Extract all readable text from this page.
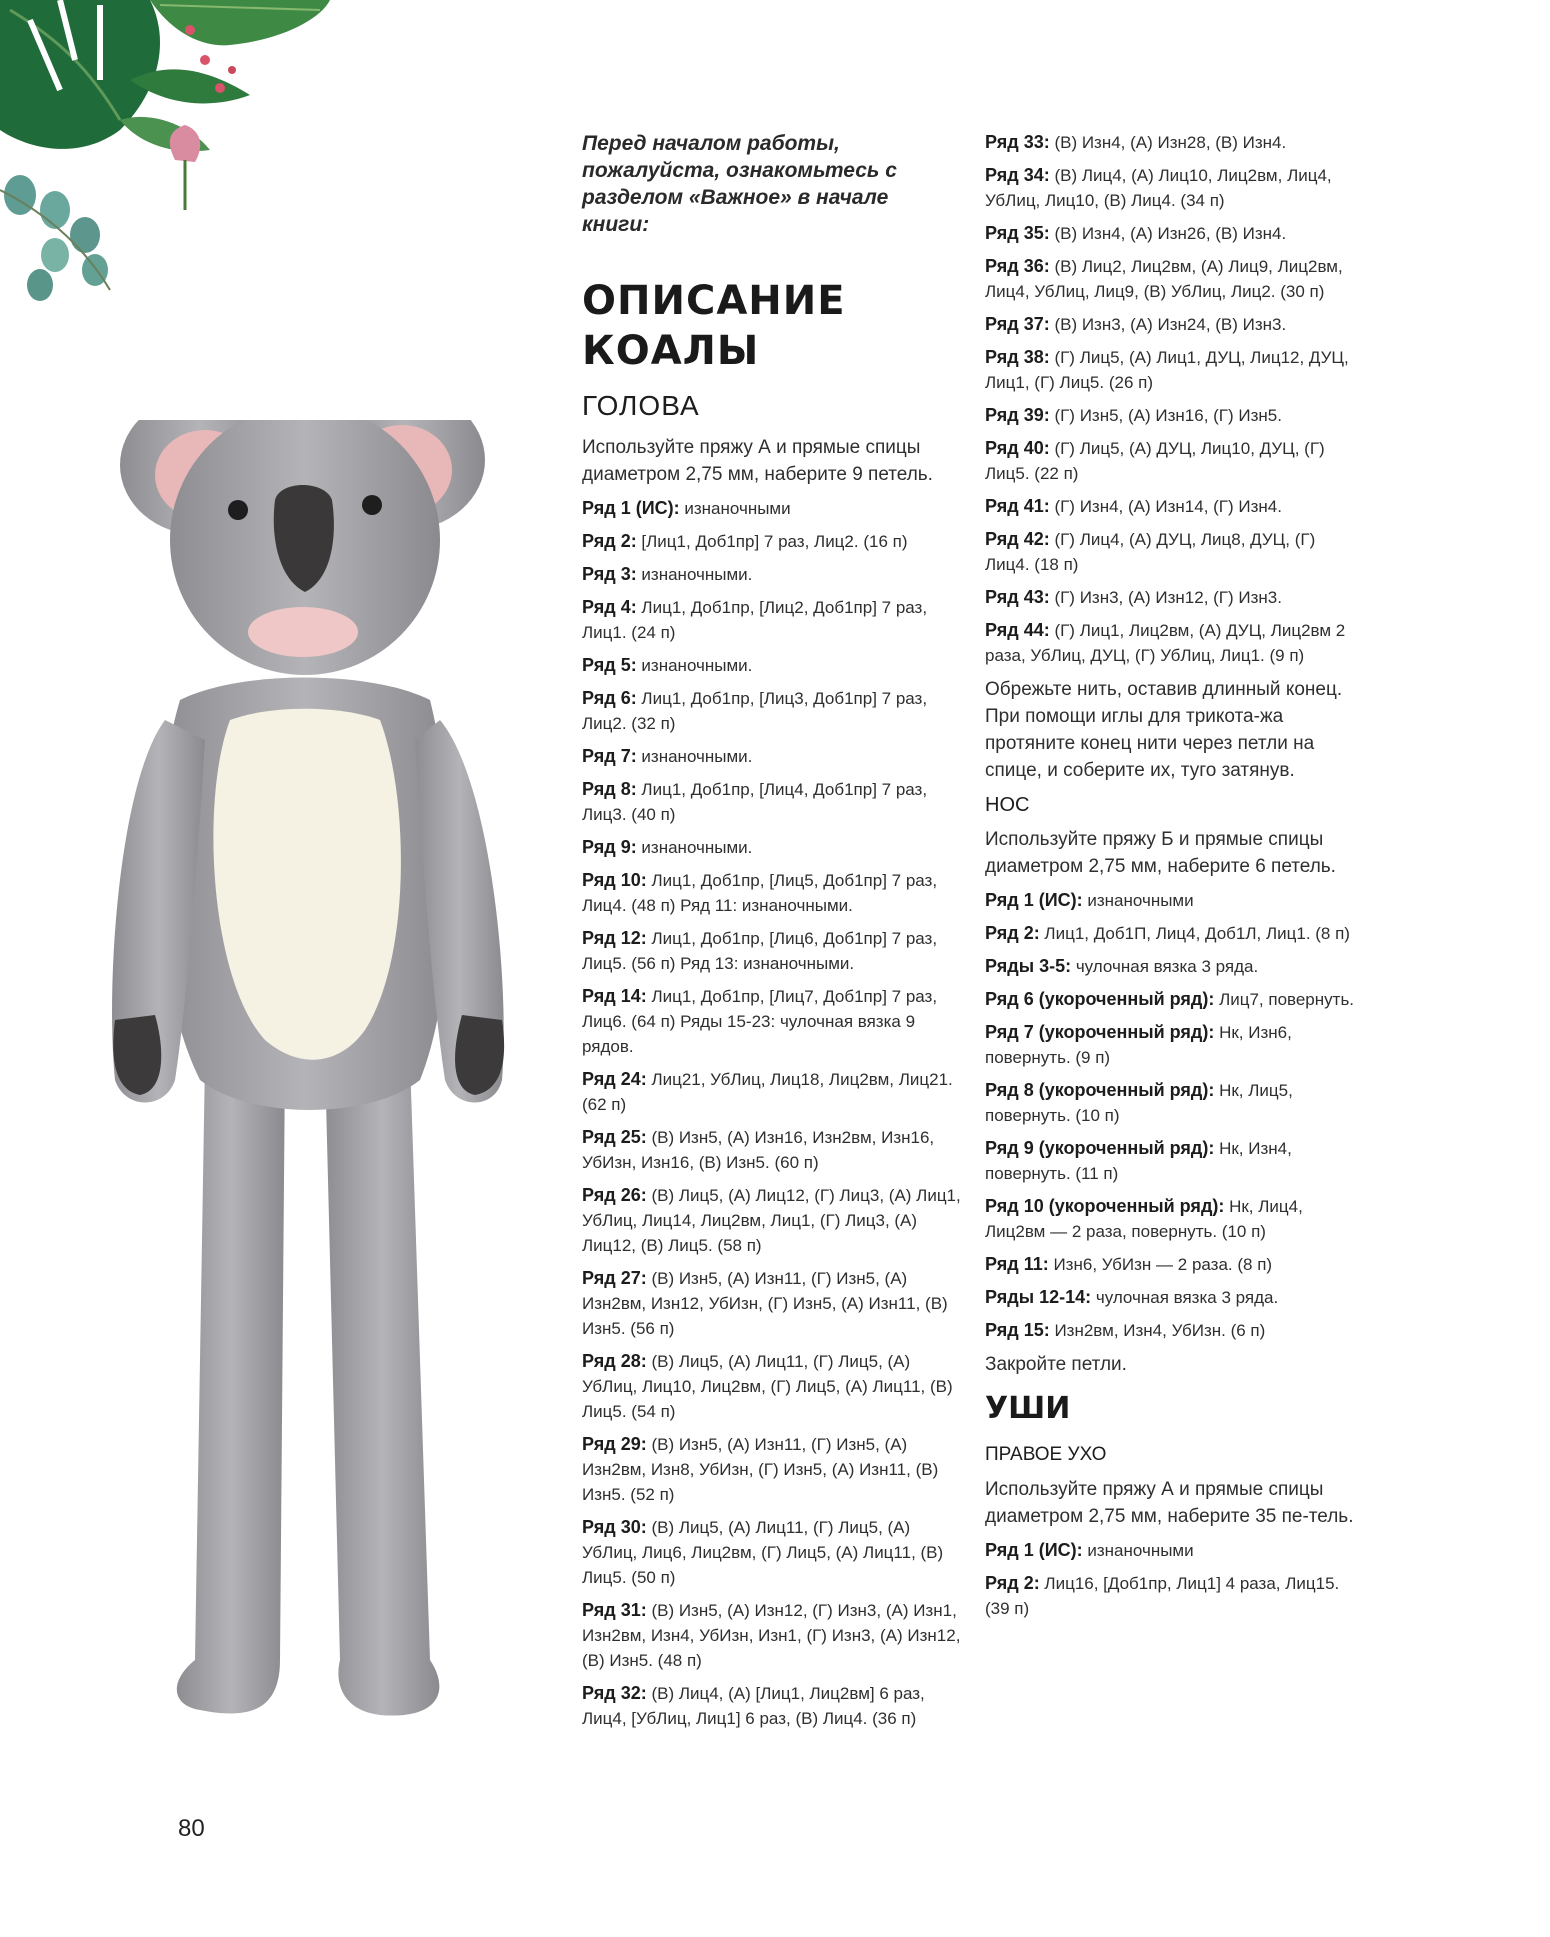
Перед началом работы, пожалуйста, ознакомьтесь с разделом «Важное» в начале книги:
ОПИСАНИЕ
КОАЛЫ
ГОЛОВА
Используйте пряжу А и прямые спицы диаметром 2,75 мм, наберите 9 петель.
Ряд 1 (ИС): изнаночными
Ряд 2: [Лиц1, Доб1пр] 7 раз, Лиц2. (16 п)
Ряд 3: изнаночными.
Ряд 4: Лиц1, Доб1пр, [Лиц2, Доб1пр] 7 раз, Лиц1. (24 п)
Ряд 5: изнаночными.
Ряд 6: Лиц1, Доб1пр, [Лиц3, Доб1пр] 7 раз, Лиц2. (32 п)
Ряд 7: изнаночными.
Ряд 8: Лиц1, Доб1пр, [Лиц4, Доб1пр] 7 раз, Лиц3. (40 п)
Ряд 9: изнаночными.
Ряд 10: Лиц1, Доб1пр, [Лиц5, Доб1пр] 7 раз, Лиц4. (48 п) Ряд 11: изнаночными.
Ряд 12: Лиц1, Доб1пр, [Лиц6, Доб1пр] 7 раз, Лиц5. (56 п) Ряд 13: изнаночными.
Ряд 14: Лиц1, Доб1пр, [Лиц7, Доб1пр] 7 раз, Лиц6. (64 п) Ряды 15-23: чулочная вязка 9 рядов.
Ряд 24: Лиц21, УбЛиц, Лиц18, Лиц2вм, Лиц21. (62 п)
Ряд 25: (В) Изн5, (А) Изн16, Изн2вм, Изн16, УбИзн, Изн16, (В) Изн5. (60 п)
Ряд 26: (В) Лиц5, (А) Лиц12, (Г) Лиц3, (А) Лиц1, УбЛиц, Лиц14, Лиц2вм, Лиц1, (Г) Лиц3, (А) Лиц12, (В) Лиц5. (58 п)
Ряд 27: (В) Изн5, (А) Изн11, (Г) Изн5, (А) Изн2вм, Изн12, УбИзн, (Г) Изн5, (А) Изн11, (В) Изн5. (56 п)
Ряд 28: (В) Лиц5, (А) Лиц11, (Г) Лиц5, (А) УбЛиц, Лиц10, Лиц2вм, (Г) Лиц5, (А) Лиц11, (В) Лиц5. (54 п)
Ряд 29: (В) Изн5, (А) Изн11, (Г) Изн5, (А) Изн2вм, Изн8, УбИзн, (Г) Изн5, (А) Изн11, (В) Изн5. (52 п)
Ряд 30: (В) Лиц5, (А) Лиц11, (Г) Лиц5, (А) УбЛиц, Лиц6, Лиц2вм, (Г) Лиц5, (А) Лиц11, (В) Лиц5. (50 п)
Ряд 31: (В) Изн5, (А) Изн12, (Г) Изн3, (А) Изн1, Изн2вм, Изн4, УбИзн, Изн1, (Г) Изн3, (А) Изн12, (В) Изн5. (48 п)
Ряд 32: (В) Лиц4, (А) [Лиц1, Лиц2вм] 6 раз, Лиц4, [УбЛиц, Лиц1] 6 раз, (В) Лиц4. (36 п)
Ряд 33: (В) Изн4, (А) Изн28, (В) Изн4.
Ряд 34: (В) Лиц4, (А) Лиц10, Лиц2вм, Лиц4, УбЛиц, Лиц10, (В) Лиц4. (34 п)
Ряд 35: (В) Изн4, (А) Изн26, (В) Изн4.
Ряд 36: (В) Лиц2, Лиц2вм, (А) Лиц9, Лиц2вм, Лиц4, УбЛиц, Лиц9, (В) УбЛиц, Лиц2. (30 п)
Ряд 37: (В) Изн3, (А) Изн24, (В) Изн3.
Ряд 38: (Г) Лиц5, (А) Лиц1, ДУЦ, Лиц12, ДУЦ, Лиц1, (Г) Лиц5. (26 п)
Ряд 39: (Г) Изн5, (А) Изн16, (Г) Изн5.
Ряд 40: (Г) Лиц5, (А) ДУЦ, Лиц10, ДУЦ, (Г) Лиц5. (22 п)
Ряд 41: (Г) Изн4, (А) Изн14, (Г) Изн4.
Ряд 42: (Г) Лиц4, (А) ДУЦ, Лиц8, ДУЦ, (Г) Лиц4. (18 п)
Ряд 43: (Г) Изн3, (А) Изн12, (Г) Изн3.
Ряд 44: (Г) Лиц1, Лиц2вм, (А) ДУЦ, Лиц2вм 2 раза, УбЛиц, ДУЦ, (Г) УбЛиц, Лиц1. (9 п)
Обрежьте нить, оставив длинный конец. При помощи иглы для трикота-жа протяните конец нити через петли на спице, и соберите их, туго затянув.
НОС
Используйте пряжу Б и прямые спицы диаметром 2,75 мм, наберите 6 петель.
Ряд 1 (ИС): изнаночными
Ряд 2: Лиц1, Доб1П, Лиц4, Доб1Л, Лиц1. (8 п)
Ряды 3-5: чулочная вязка 3 ряда.
Ряд 6 (укороченный ряд): Лиц7, повернуть.
Ряд 7 (укороченный ряд): Нк, Изн6, повернуть. (9 п)
Ряд 8 (укороченный ряд): Нк, Лиц5, повернуть. (10 п)
Ряд 9 (укороченный ряд): Нк, Изн4, повернуть. (11 п)
Ряд 10 (укороченный ряд): Нк, Лиц4, Лиц2вм — 2 раза, повернуть. (10 п)
Ряд 11: Изн6, УбИзн — 2 раза. (8 п)
Ряды 12-14: чулочная вязка 3 ряда.
Ряд 15: Изн2вм, Изн4, УбИзн. (6 п)
Закройте петли.
УШИ
ПРАВОЕ УХО
Используйте пряжу А и прямые спицы диаметром 2,75 мм, наберите 35 пе-тель.
Ряд 1 (ИС): изнаночными
Ряд 2: Лиц16, [Доб1пр, Лиц1] 4 раза, Лиц15. (39 п)
80
